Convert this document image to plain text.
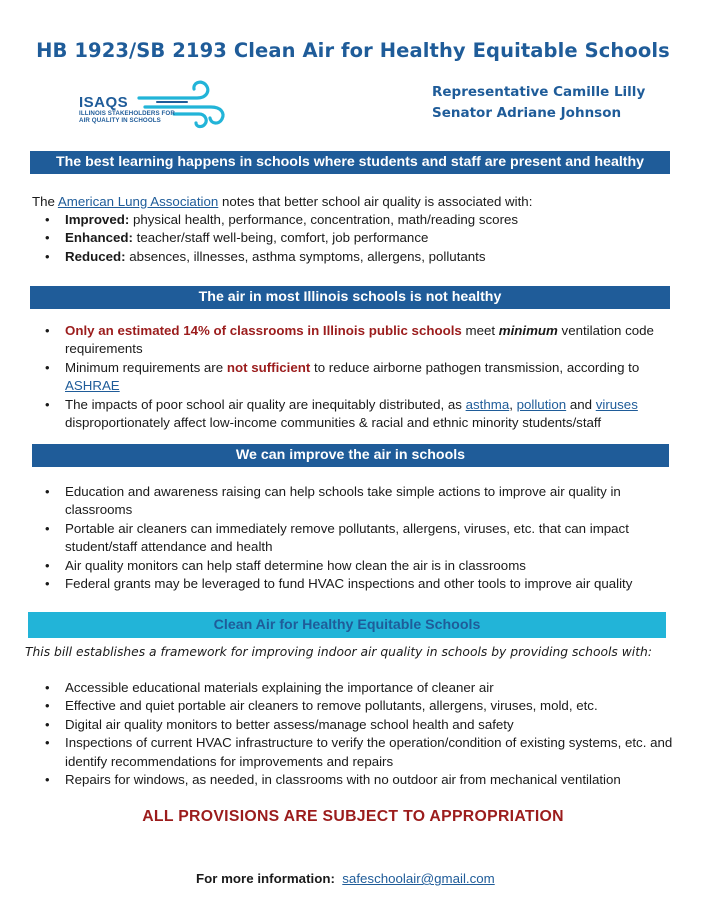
HB 1923/SB 2193 Clean Air for Healthy Equitable Schools
ISAQS
ILLINOIS STAKEHOLDERS FOR
AIR QUALITY IN SCHOOLS
Representative Camille Lilly
Senator Adriane Johnson
The best learning happens in schools where students and staff are present and healthy
The American Lung Association notes that better school air quality is associated with:
• Improved: physical health, performance, concentration, math/reading scores
• Enhanced: teacher/staff well-being, comfort, job performance
• Reduced: absences, illnesses, asthma symptoms, allergens, pollutants
The air in most Illinois schools is not healthy
• Only an estimated 14% of classrooms in Illinois public schools meet minimum ventilation code requirements
• Minimum requirements are not sufficient to reduce airborne pathogen transmission, according to ASHRAE
• The impacts of poor school air quality are inequitably distributed, as asthma, pollution and viruses disproportionately affect low-income communities & racial and ethnic minority students/staff
We can improve the air in schools
• Education and awareness raising can help schools take simple actions to improve air quality in classrooms
• Portable air cleaners can immediately remove pollutants, allergens, viruses, etc. that can impact student/staff attendance and health
• Air quality monitors can help staff determine how clean the air is in classrooms
• Federal grants may be leveraged to fund HVAC inspections and other tools to improve air quality
Clean Air for Healthy Equitable Schools
This bill establishes a framework for improving indoor air quality in schools by providing schools with:
• Accessible educational materials explaining the importance of cleaner air
• Effective and quiet portable air cleaners to remove pollutants, allergens, viruses, mold, etc.
• Digital air quality monitors to better assess/manage school health and safety
• Inspections of current HVAC infrastructure to verify the operation/condition of existing systems, etc. and identify recommendations for improvements and repairs
• Repairs for windows, as needed, in classrooms with no outdoor air from mechanical ventilation
ALL PROVISIONS ARE SUBJECT TO APPROPRIATION
For more information: safeschoolair@gmail.com
